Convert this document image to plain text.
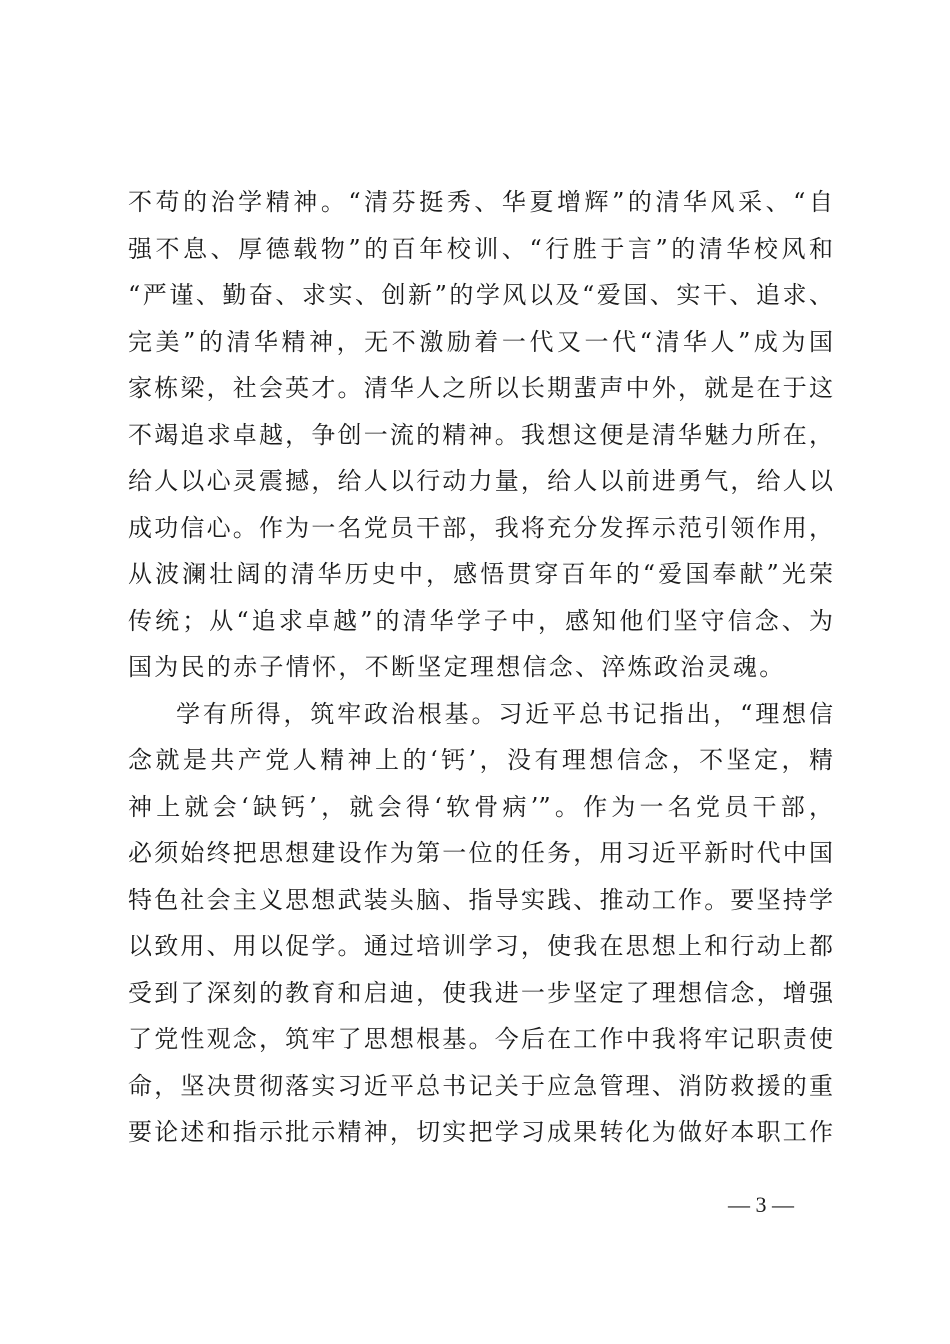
不苟的治学精神。“清芬挺秀、华夏增辉”的清华风采、“自
强不息、厚德载物”的百年校训、“行胜于言”的清华校风和
“严谨、勤奋、求实、创新”的学风以及“爱国、实干、追求、
完美”的清华精神，无不激励着一代又一代“清华人”成为国
家栋梁，社会英才。清华人之所以长期蜚声中外，就是在于这
不竭追求卓越，争创一流的精神。我想这便是清华魅力所在，
给人以心灵震撼，给人以行动力量，给人以前进勇气，给人以
成功信心。作为一名党员干部，我将充分发挥示范引领作用，
从波澜壮阔的清华历史中，感悟贯穿百年的“爱国奉献”光荣
传统；从“追求卓越”的清华学子中，感知他们坚守信念、为
国为民的赤子情怀，不断坚定理想信念、淬炼政治灵魂。
学有所得，筑牢政治根基。习近平总书记指出，“理想信
念就是共产党人精神上的‘钙’，没有理想信念，不坚定，精
神上就会‘缺钙’，就会得‘软骨病’”。作为一名党员干部，
必须始终把思想建设作为第一位的任务，用习近平新时代中国
特色社会主义思想武装头脑、指导实践、推动工作。要坚持学
以致用、用以促学。通过培训学习，使我在思想上和行动上都
受到了深刻的教育和启迪，使我进一步坚定了理想信念，增强
了党性观念，筑牢了思想根基。今后在工作中我将牢记职责使
命，坚决贯彻落实习近平总书记关于应急管理、消防救援的重
要论述和指示批示精神，切实把学习成果转化为做好本职工作
— 3 —
